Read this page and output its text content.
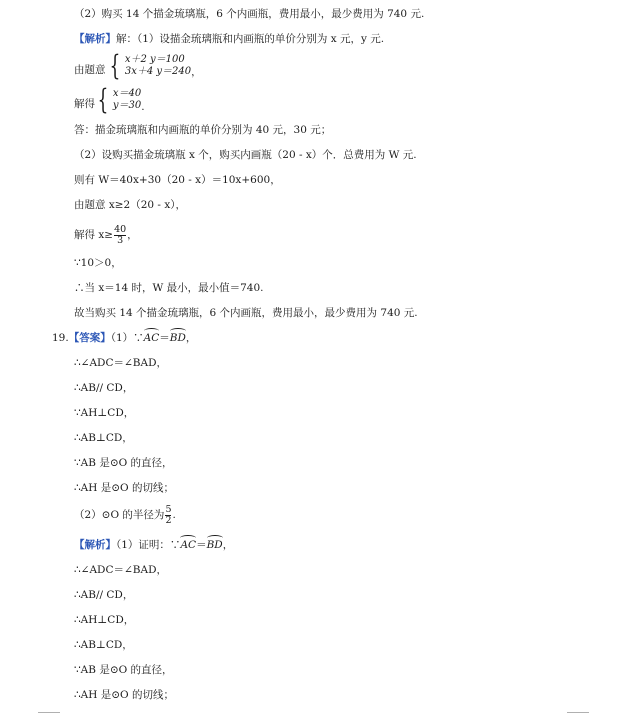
（2）购买 14 个描金琉璃瓶，6 个内画瓶，费用最小，最少费用为 740 元.
【解析】解：（1）设描金琉璃瓶和内画瓶的单价分别为 x 元，y 元.
由题意 { x＋2 y＝100
3x＋4 y＝240 ，
解得 { x＝40
y＝30 .
答：描金琉璃瓶和内画瓶的单价分别为 40 元，30 元；
（2）设购买描金琉璃瓶 x 个，购买内画瓶（20 - x）个．总费用为 W 元.
则有 W＝40x+30（20 - x）＝10x+600，
由题意 x≥2（20 - x），
解得 $x\ge \frac{40}{3}$ ，
∵10＞0，
∴当 x＝14 时，W 最小，最小值＝740.
故当购买 14 个描金琉璃瓶，6 个内画瓶，费用最小，最少费用为 740 元.
19.【答案】（1）∵AC＝BD，
∴∠ADC＝∠BAD，
∴AB// CD，
∵AH⊥CD，
∴AB⊥CD，
∵AB 是⊙O 的直径，
∴AH 是⊙O 的切线；
（2）⊙O 的半径为 $\frac{5}{2}$ .
【解析】（1）证明：∵AC＝BD，
∴∠ADC＝∠BAD，
∴AB// CD，
∴AH⊥CD，
∴AB⊥CD，
∵AB 是⊙O 的直径，
∴AH 是⊙O 的切线；
